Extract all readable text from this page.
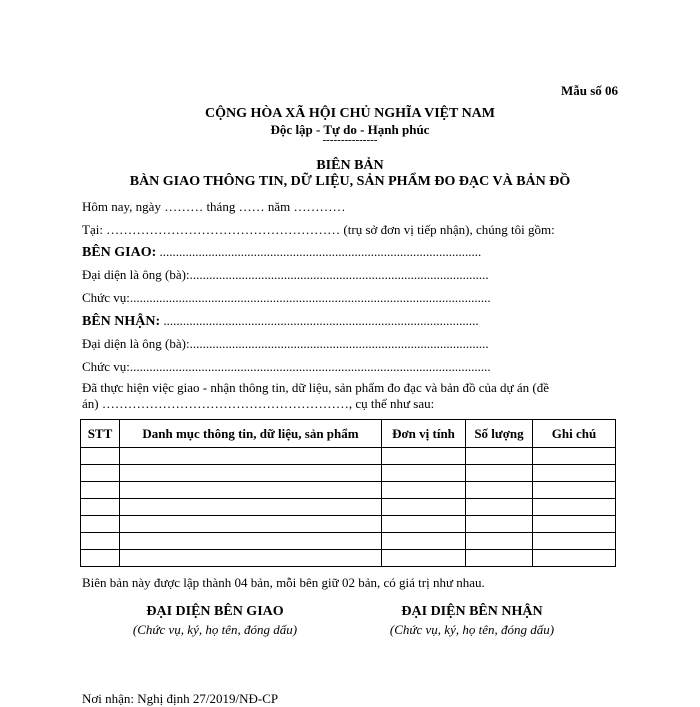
Mẫu số 06
CỘNG HÒA XÃ HỘI CHỦ NGHĨA VIỆT NAM
Độc lập - Tự do - Hạnh phúc
---------------
BIÊN BẢN
BÀN GIAO THÔNG TIN, DỮ LIỆU, SẢN PHẨM ĐO ĐẠC VÀ BẢN ĐỒ
Hôm nay, ngày ……… tháng …… năm …………
Tại: ……………………………………………… (trụ sở đơn vị tiếp nhận), chúng tôi gồm:
BÊN GIAO: ...................................................................................................
Đại diện là ông (bà):............................................................................................
Chức vụ:...............................................................................................................
BÊN NHẬN: .................................................................................................
Đại diện là ông (bà):............................................................................................
Chức vụ:...............................................................................................................
Đã thực hiện việc giao - nhận thông tin, dữ liệu, sản phẩm đo đạc và bản đồ của dự án (đề
án) …………………………………………………, cụ thể như sau:
STT	Danh mục thông tin, dữ liệu, sản phẩm	Đơn vị tính	Số lượng	Ghi chú

Biên bản này được lập thành 04 bản, mỗi bên giữ 02 bản, có giá trị như nhau.
ĐẠI DIỆN BÊN GIAO
(Chức vụ, ký, họ tên, đóng dấu)
ĐẠI DIỆN BÊN NHẬN
(Chức vụ, ký, họ tên, đóng dấu)
Nơi nhận: Nghị định 27/2019/NĐ-CP
